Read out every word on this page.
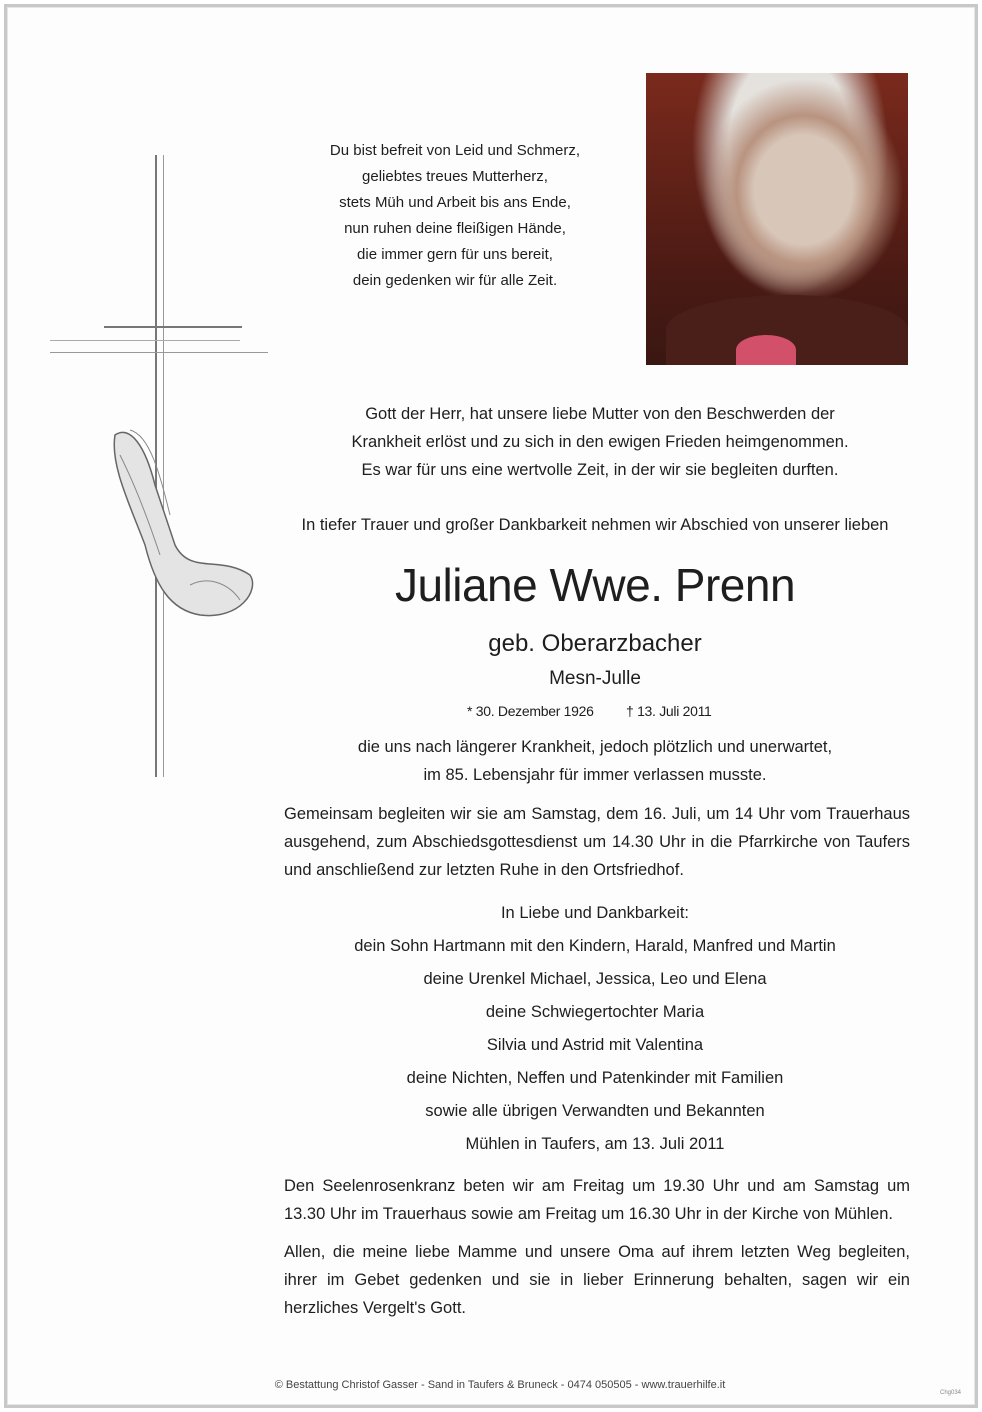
Du bist befreit von Leid und Schmerz,
geliebtes treues Mutterherz,
stets Müh und Arbeit bis ans Ende,
nun ruhen deine fleißigen Hände,
die immer gern für uns bereit,
dein gedenken wir für alle Zeit.
Gott der Herr, hat unsere liebe Mutter von den Beschwerden der
Krankheit erlöst und zu sich in den ewigen Frieden heimgenommen.
Es war für uns eine wertvolle Zeit, in der wir sie begleiten durften.
In tiefer Trauer und großer Dankbarkeit nehmen wir Abschied von unserer lieben
Juliane Wwe. Prenn
geb. Oberarzbacher
Mesn-Julle
* 30. Dezember 1926 † 13. Juli 2011
die uns nach längerer Krankheit, jedoch plötzlich und unerwartet,
im 85. Lebensjahr für immer verlassen musste.
Gemeinsam begleiten wir sie am Samstag, dem 16. Juli, um 14 Uhr vom Trauerhaus ausgehend, zum Abschiedsgottesdienst um 14.30 Uhr in die Pfarrkirche von Taufers und anschließend zur letzten Ruhe in den Ortsfriedhof.
In Liebe und Dankbarkeit:
dein Sohn Hartmann mit den Kindern, Harald, Manfred und Martin
deine Urenkel Michael, Jessica, Leo und Elena
deine Schwiegertochter Maria
Silvia und Astrid mit Valentina
deine Nichten, Neffen und Patenkinder mit Familien
sowie alle übrigen Verwandten und Bekannten
Mühlen in Taufers, am 13. Juli 2011
Den Seelenrosenkranz beten wir am Freitag um 19.30 Uhr und am Samstag um 13.30 Uhr im Trauerhaus sowie am Freitag um 16.30 Uhr in der Kirche von Mühlen.
Allen, die meine liebe Mamme und unsere Oma auf ihrem letzten Weg begleiten, ihrer im Gebet gedenken und sie in lieber Erinnerung behalten, sagen wir ein herzliches Vergelt's Gott.
© Bestattung Christof Gasser - Sand in Taufers & Bruneck - 0474 050505 - www.trauerhilfe.it
Chg034
